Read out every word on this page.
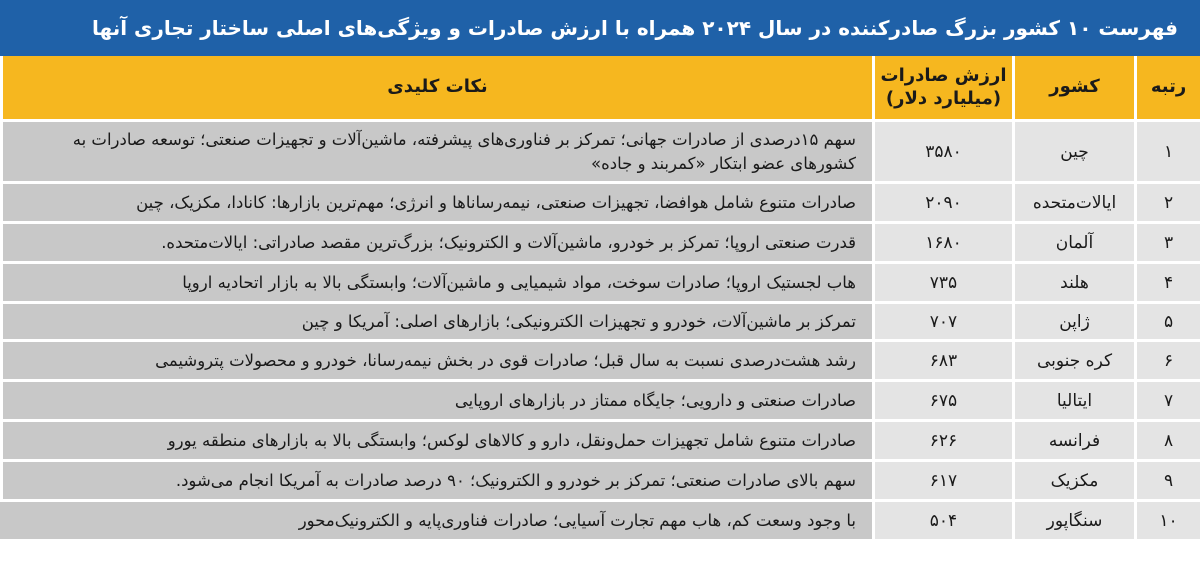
فهرست ۱۰ کشور بزرگ صادرکننده در سال ۲۰۲۴ همراه با ارزش صادرات و ویژگی‌های اصلی ساختار تجاری آنها
رتبه
کشور
ارزش صادرات (میلیارد دلار)
نکات کلیدی
۱
چین
۳۵۸۰
سهم ۱۵درصدی از صادرات جهانی؛ تمرکز بر فناوری‌های پیشرفته، ماشین‌آلات و تجهیزات صنعتی؛ توسعه صادرات به کشورهای عضو ابتکار «کمربند و جاده»
۲
ایالات‌متحده
۲۰۹۰
صادرات متنوع شامل هوافضا، تجهیزات صنعتی، نیمه‌رساناها و انرژی؛ مهم‌ترین بازارها: کانادا، مکزیک، چین
۳
آلمان
۱۶۸۰
قدرت صنعتی اروپا؛ تمرکز بر خودرو، ماشین‌آلات و الکترونیک؛ بزرگ‌ترین مقصد صادراتی: ایالات‌متحده.
۴
هلند
۷۳۵
هاب لجستیک اروپا؛ صادرات سوخت، مواد شیمیایی و ماشین‌آلات؛ وابستگی بالا به بازار اتحادیه اروپا
۵
ژاپن
۷۰۷
تمرکز بر ماشین‌آلات، خودرو و تجهیزات الکترونیکی؛ بازارهای اصلی: آمریکا و چین
۶
کره جنوبی
۶۸۳
رشد هشت‌درصدی نسبت به سال قبل؛ صادرات قوی در بخش نیمه‌رسانا، خودرو و محصولات پتروشیمی
۷
ایتالیا
۶۷۵
صادرات صنعتی و دارویی؛ جایگاه ممتاز در بازارهای اروپایی
۸
فرانسه
۶۲۶
صادرات متنوع شامل تجهیزات حمل‌ونقل، دارو و کالاهای لوکس؛ وابستگی بالا به بازارهای منطقه یورو
۹
مکزیک
۶۱۷
سهم بالای صادرات صنعتی؛ تمرکز بر خودرو و الکترونیک؛ ۹۰ درصد صادرات به آمریکا انجام می‌شود.
۱۰
سنگاپور
۵۰۴
با وجود وسعت کم، هاب مهم تجارت آسیایی؛ صادرات فناوری‌پایه و الکترونیک‌محور
